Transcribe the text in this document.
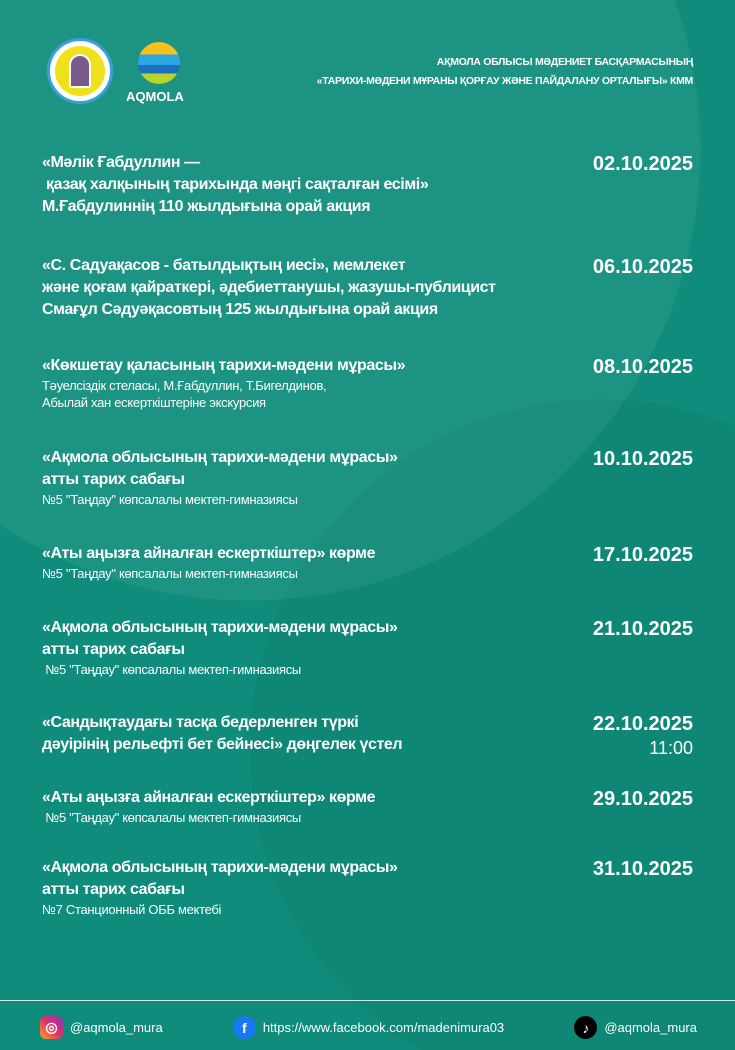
AQMOLA
АҚМОЛА ОБЛЫСЫ МӘДЕНИЕТ БАСҚАРМАСЫНЫҢ
«ТАРИХИ-МӘДЕНИ МҰРАНЫ ҚОРҒАУ ЖӘНЕ ПАЙДАЛАНУ ОРТАЛЫҒЫ» КММ
«Мәлік Ғабдуллин —
қазақ халқының тарихында мәңгі сақталған есімі»
М.Ғабдулиннің 110 жылдығына орай акция
02.10.2025
«С. Садуақасов - батылдықтың иесі», мемлекет
және қоғам қайраткері, әдебиеттанушы, жазушы-публицист
Смағұл Сәдуәқасовтың 125 жылдығына орай акция
06.10.2025
«Көкшетау қаласының тарихи-мәдени мұрасы»
Тәуелсіздік стеласы, М.Ғабдуллин, Т.Бигелдинов,
Абылай хан ескерткіштеріне экскурсия
08.10.2025
«Ақмола облысының тарихи-мәдени мұрасы»
атты тарих сабағы
№5 "Таңдау" көпсалалы мектеп-гимназиясы
10.10.2025
«Аты аңызға айналған ескерткіштер» көрме
№5 "Таңдау" көпсалалы мектеп-гимназиясы
17.10.2025
«Ақмола облысының тарихи-мәдени мұрасы»
атты тарих сабағы
№5 "Таңдау" көпсалалы мектеп-гимназиясы
21.10.2025
«Сандықтаудағы тасқа бедерленген түркі
дәуірінің рельефті бет бейнесі» дөңгелек үстел
22.10.2025
11:00
«Аты аңызға айналған ескерткіштер» көрме
№5 "Таңдау" көпсалалы мектеп-гимназиясы
29.10.2025
«Ақмола облысының тарихи-мәдени мұрасы»
атты тарих сабағы
№7 Станционный ОББ мектебі
31.10.2025
◎ @aqmola_mura	f	https://www.facebook.com/madenimura03	♪	@aqmola_mura
